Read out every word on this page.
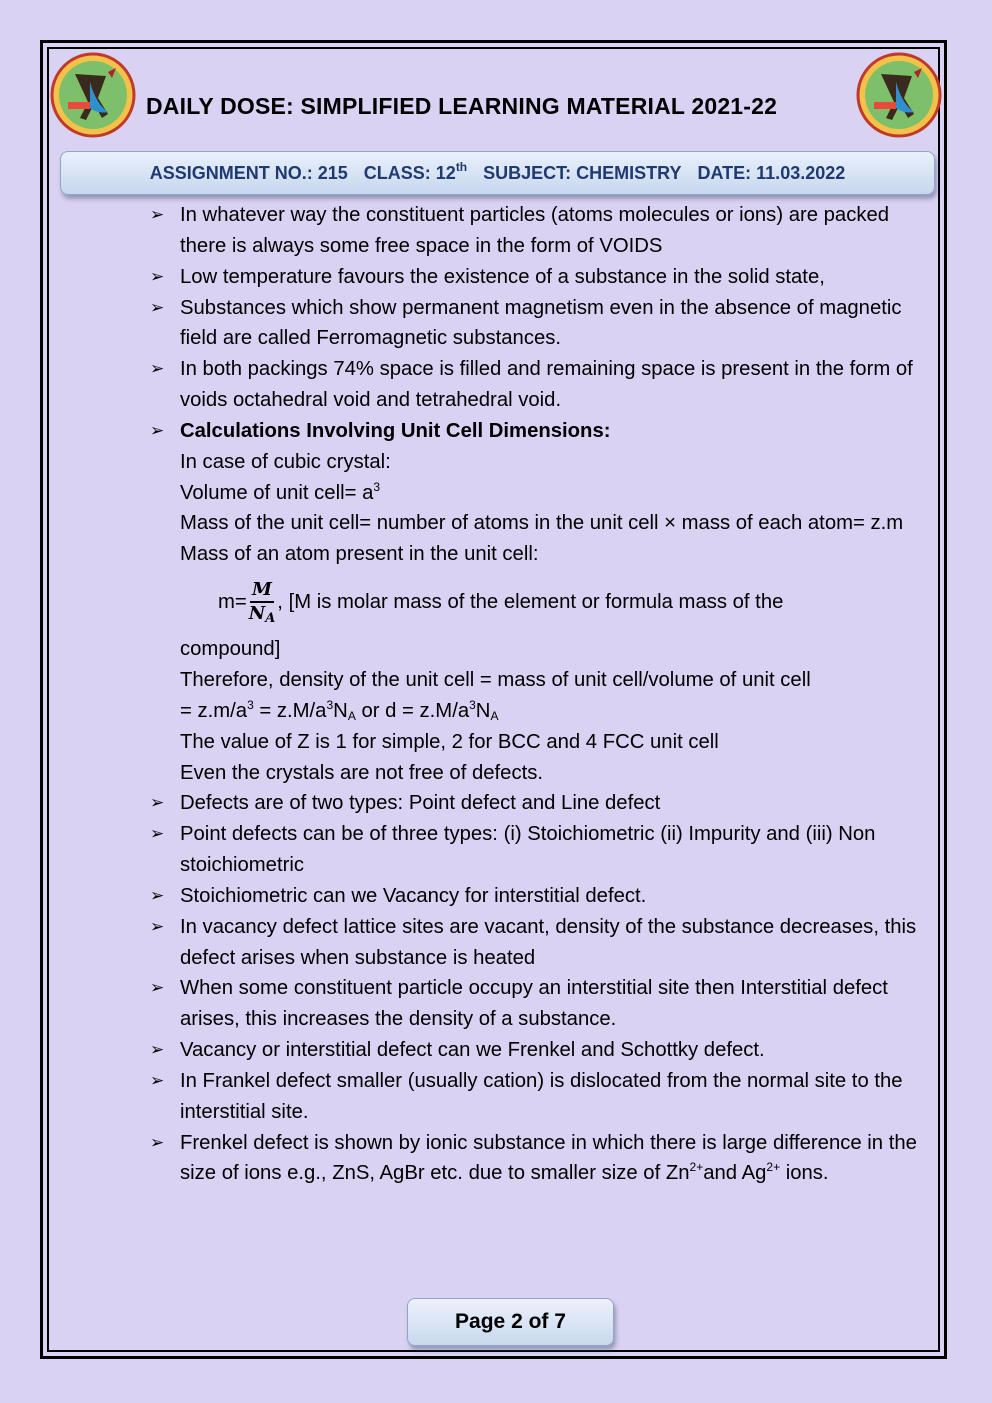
DAILY DOSE: SIMPLIFIED LEARNING MATERIAL 2021-22
ASSIGNMENT NO.: 215 CLASS: 12th SUBJECT: CHEMISTRY DATE: 11.03.2022
➢ In whatever way the constituent particles (atoms molecules or ions) are packed there is always some free space in the form of VOIDS
➢ Low temperature favours the existence of a substance in the solid state,
➢ Substances which show permanent magnetism even in the absence of magnetic field are called Ferromagnetic substances.
➢ In both packings 74% space is filled and remaining space is present in the form of voids octahedral void and tetrahedral void.
➢ Calculations Involving Unit Cell Dimensions:
In case of cubic crystal:
Volume of unit cell= $a^3$
Mass of the unit cell= number of atoms in the unit cell × mass of each atom= z.m
Mass of an atom present in the unit cell:
$m= \frac{M}{N_A}$ , [M is molar mass of the element or formula mass of the
compound]
Therefore, density of the unit cell = mass of unit cell/volume of unit cell
= $z.m/a^3 = z.M/a^3N_A$ or $d = z.M/a^3N_A$
The value of Z is 1 for simple, 2 for BCC and 4 FCC unit cell
Even the crystals are not free of defects.
➢ Defects are of two types: Point defect and Line defect
➢ Point defects can be of three types: (i) Stoichiometric (ii) Impurity and (iii) Non stoichiometric
➢ Stoichiometric can we Vacancy for interstitial defect.
➢ In vacancy defect lattice sites are vacant, density of the substance decreases, this defect arises when substance is heated
➢ When some constituent particle occupy an interstitial site then Interstitial defect arises, this increases the density of a substance.
➢ Vacancy or interstitial defect can we Frenkel and Schottky defect.
➢ In Frankel defect smaller (usually cation) is dislocated from the normal site to the interstitial site.
➢ Frenkel defect is shown by ionic substance in which there is large difference in the size of ions e.g., ZnS, AgBr etc. due to smaller size of $Zn^{2+}and$ $Ag^{2+}$ ions.
Page 2 of 7
